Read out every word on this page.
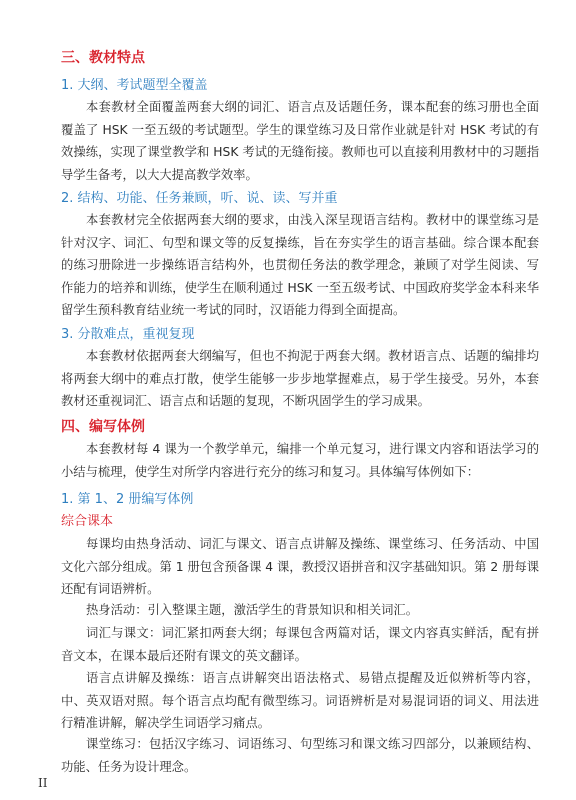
三、教材特点
1. 大纲、考试题型全覆盖

本套教材全面覆盖两套大纲的词汇、语言点及话题任务，课本配套的练习册也全面覆盖了 HSK 一至五级的考试题型。学生的课堂练习及日常作业就是针对 HSK 考试的有效操练，实现了课堂教学和 HSK 考试的无缝衔接。教师也可以直接利用教材中的习题指导学生备考，以大大提高教学效率。

2. 结构、功能、任务兼顾，听、说、读、写并重

本套教材完全依据两套大纲的要求，由浅入深呈现语言结构。教材中的课堂练习是针对汉字、词汇、句型和课文等的反复操练，旨在夯实学生的语言基础。综合课本配套的练习册除进一步操练语言结构外，也贯彻任务法的教学理念，兼顾了对学生阅读、写作能力的培养和训练，使学生在顺利通过 HSK 一至五级考试、中国政府奖学金本科来华留学生预科教育结业统一考试的同时，汉语能力得到全面提高。

3. 分散难点，重视复现

本套教材依据两套大纲编写，但也不拘泥于两套大纲。教材语言点、话题的编排均将两套大纲中的难点打散，使学生能够一步步地掌握难点，易于学生接受。另外，本套教材还重视词汇、语言点和话题的复现，不断巩固学生的学习成果。

四、编写体例

本套教材每 4 课为一个教学单元，编排一个单元复习，进行课文内容和语法学习的小结与梳理，使学生对所学内容进行充分的练习和复习。具体编写体例如下：

1. 第 1、2 册编写体例
综合课本

每课均由热身活动、词汇与课文、语言点讲解及操练、课堂练习、任务活动、中国文化六部分组成。第 1 册包含预备课 4 课，教授汉语拼音和汉字基础知识。第 2 册每课还配有词语辨析。

热身活动：引入整课主题，激活学生的背景知识和相关词汇。

词汇与课文：词汇紧扣两套大纲；每课包含两篇对话，课文内容真实鲜活，配有拼音文本，在课本最后还附有课文的英文翻译。

语言点讲解及操练：语言点讲解突出语法格式、易错点提醒及近似辨析等内容，中、英双语对照。每个语言点均配有微型练习。词语辨析是对易混词语的词义、用法进行精准讲解，解决学生词语学习痛点。

课堂练习：包括汉字练习、词语练习、句型练习和课文练习四部分，以兼顾结构、功能、任务为设计理念。

II
